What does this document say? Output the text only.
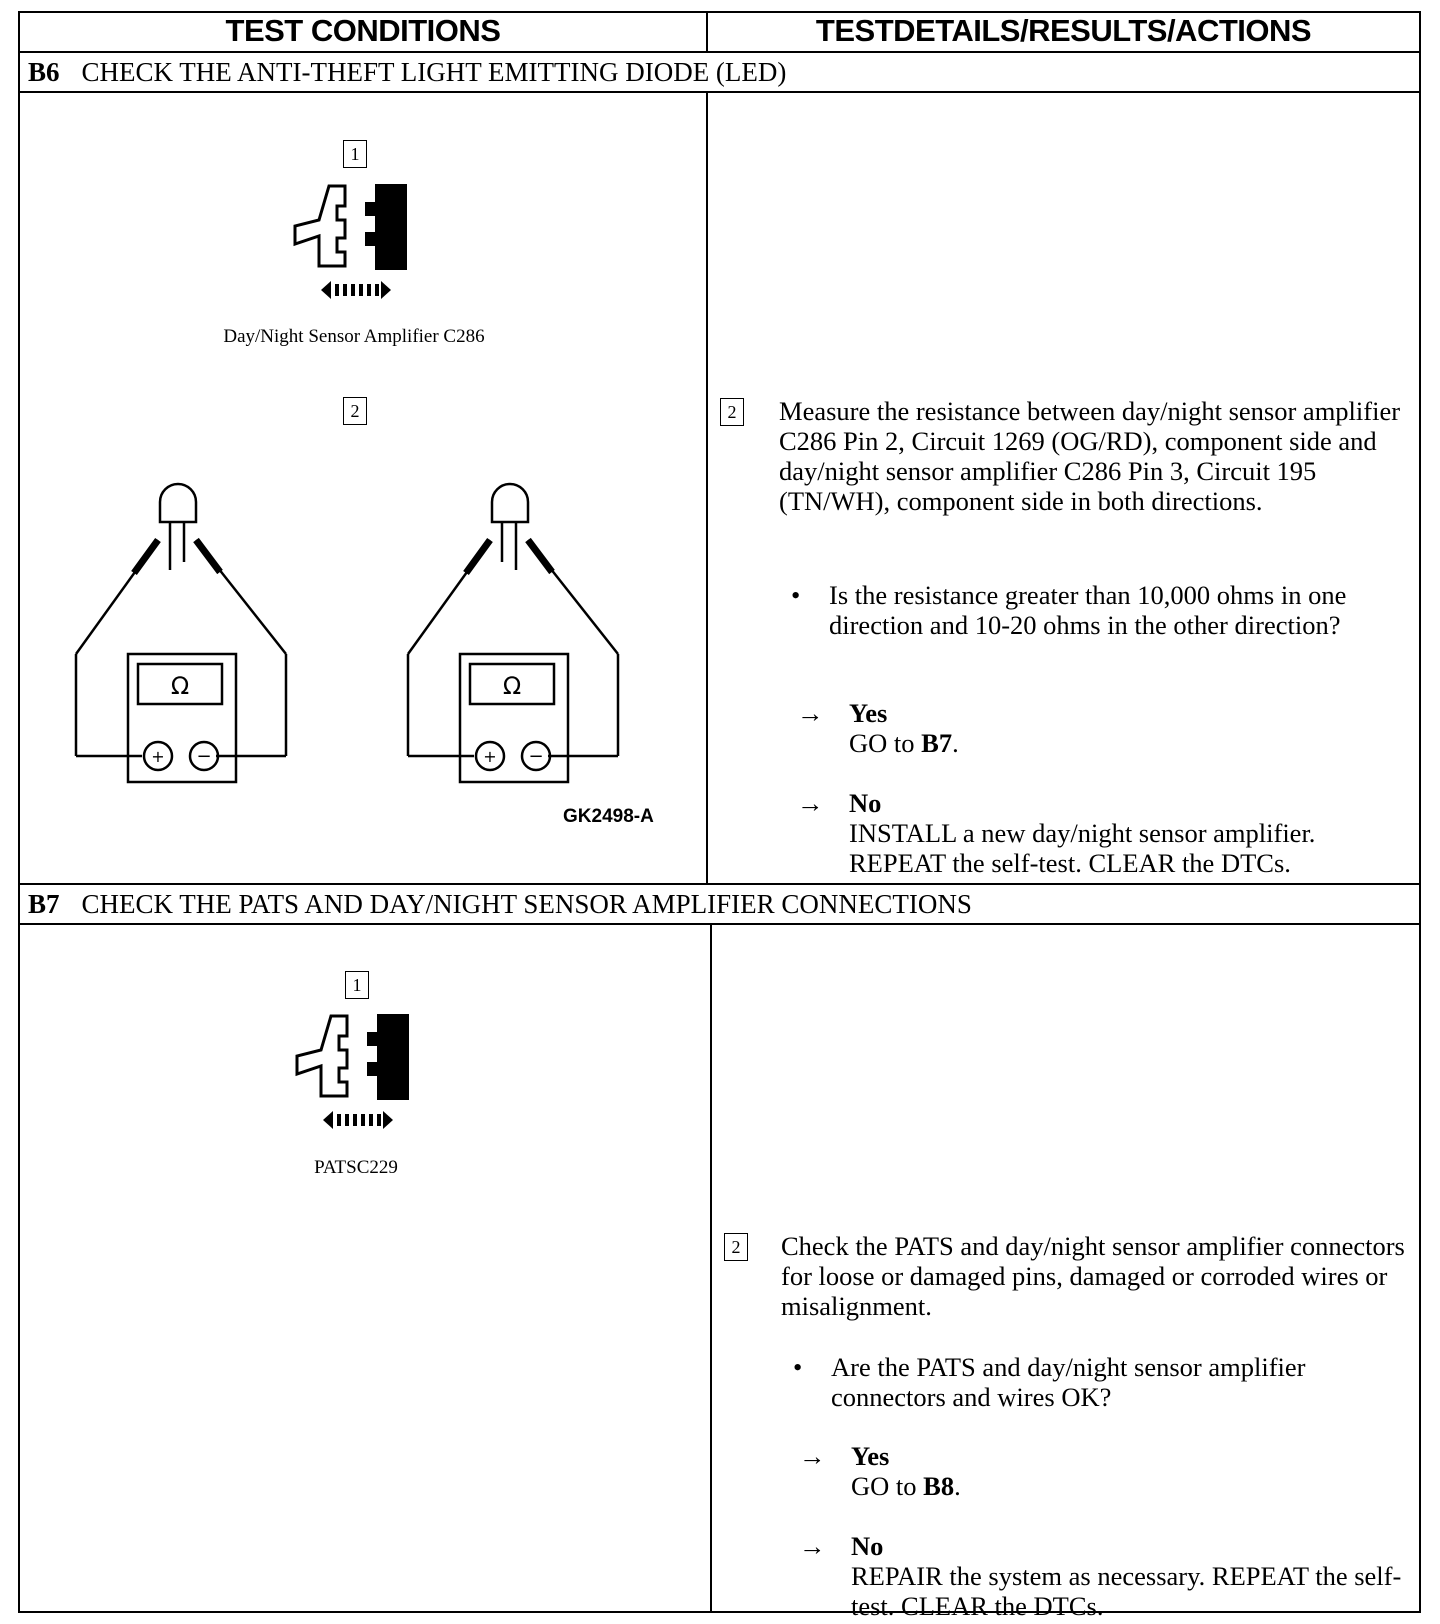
TEST CONDITIONS	TESTDETAILS/RESULTS/ACTIONS
B6 CHECK THE ANTI-THEFT LIGHT EMITTING DIODE (LED)
1
Day/Night Sensor Amplifier C286
2
Ω
+ −
Ω
+ −
GK2498-A
2 Measure the resistance between day/night sensor amplifier C286 Pin 2, Circuit 1269 (OG/RD), component side and day/night sensor amplifier C286 Pin 3, Circuit 195 (TN/WH), component side in both directions.
• Is the resistance greater than 10,000 ohms in one direction and 10-20 ohms in the other direction?
→ Yes
GO to B7.
→ No
INSTALL a new day/night sensor amplifier. REPEAT the self-test. CLEAR the DTCs.
B7 CHECK THE PATS AND DAY/NIGHT SENSOR AMPLIFIER CONNECTIONS
1
PATSC229
2 Check the PATS and day/night sensor amplifier connectors for loose or damaged pins, damaged or corroded wires or misalignment.
• Are the PATS and day/night sensor amplifier connectors and wires OK?
→ Yes
GO to B8.
→ No
REPAIR the system as necessary. REPEAT the self-test. CLEAR the DTCs.
